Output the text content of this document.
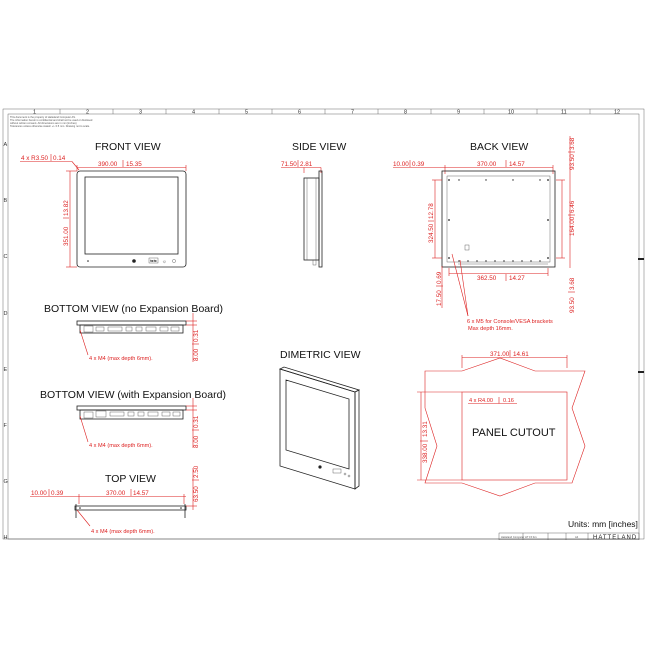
1	2	3	4	5	6	7	8	9	10	11	12
A
B
C
D
E
F
G
H
This document is the property of Hatteland Computer AS.
The information herein is confidential and shall not be used or disclosed
without written consent. All dimensions are in mm [inches].
Tolerances unless otherwise stated: +/- 0.5 mm. Drawing not to scale.
FRONT VIEW
4 x R3.50 0.14
390.00 15.35
⇆⇆ ☼
351.00
13.82
SIDE VIEW
71.50 2.81
BACK VIEW
10.00 0.39	370.00 14.57	93.50
3.68
324.50
12.78
164.00
6.46
362.50 14.27
17.50
0.69
93.50
3.68
6 x M5 for Console/VESA brackets
Max depth 16mm.
BOTTOM VIEW (no Expansion Board)
4 x M4 (max depth 6mm).	8.00
0.31
BOTTOM VIEW (with Expansion Board)
4 x M4 (max depth 6mm).	8.00
0.31
TOP VIEW
10.00 0.39	370.00 14.57
4 x M4 (max depth 6mm).
63.50
2.50
DIMETRIC VIEW	371.00 14.61
PANEL CUTOUT
4 x R4.00 0.16
338.00
13.31
Units: mm [inches]
Hatteland Computer HT 15 0xx	A4 HATTELAND
